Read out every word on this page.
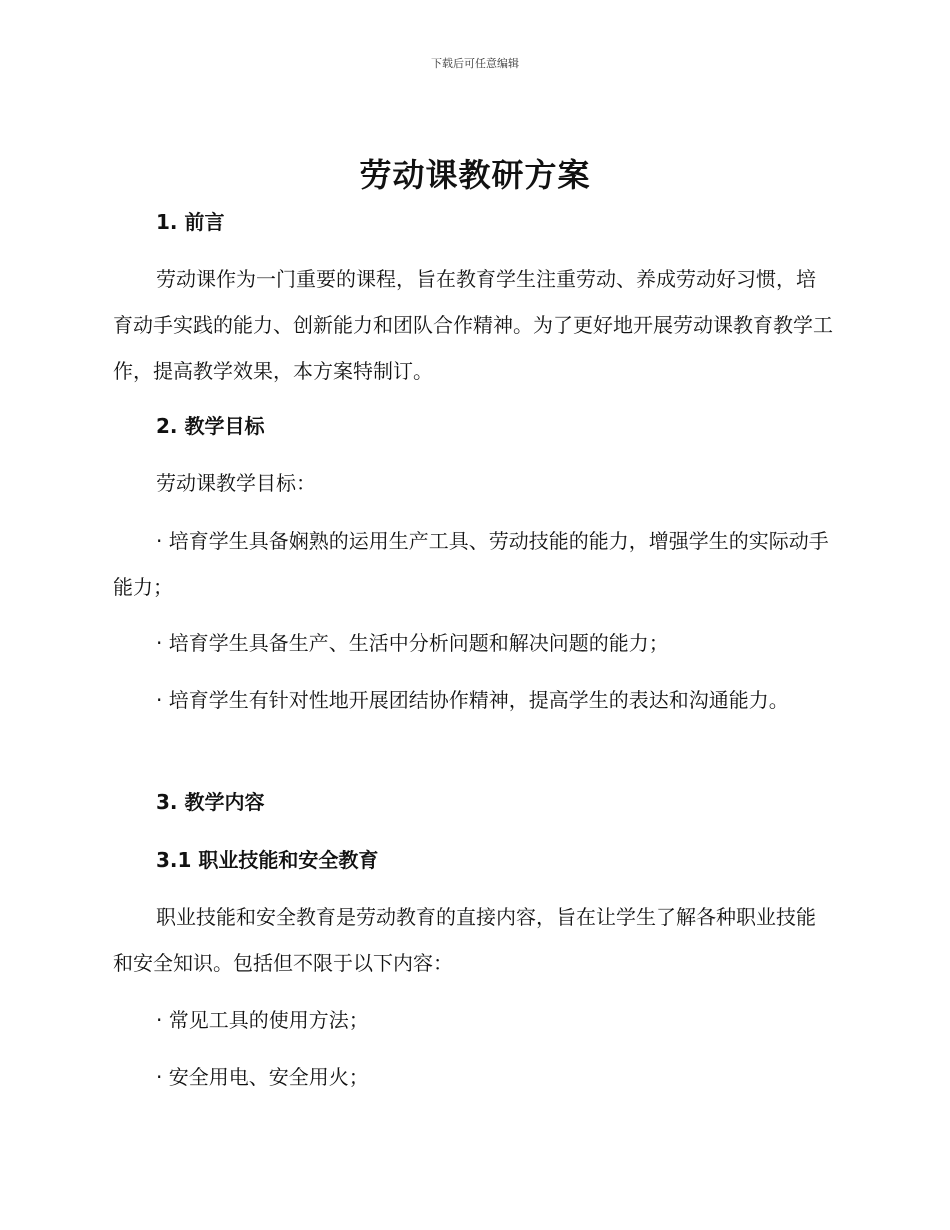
下载后可任意编辑
劳动课教研方案

1. 前言

劳动课作为一门重要的课程，旨在教育学生注重劳动、养成劳动好习惯，培育动手实践的能力、创新能力和团队合作精神。为了更好地开展劳动课教育教学工作，提高教学效果，本方案特制订。

2. 教学目标

劳动课教学目标：

· 培育学生具备娴熟的运用生产工具、劳动技能的能力，增强学生的实际动手能力；

· 培育学生具备生产、生活中分析问题和解决问题的能力；

· 培育学生有针对性地开展团结协作精神，提高学生的表达和沟通能力。

3. 教学内容

3.1 职业技能和安全教育

职业技能和安全教育是劳动教育的直接内容，旨在让学生了解各种职业技能和安全知识。包括但不限于以下内容：

· 常见工具的使用方法；

· 安全用电、安全用火；
